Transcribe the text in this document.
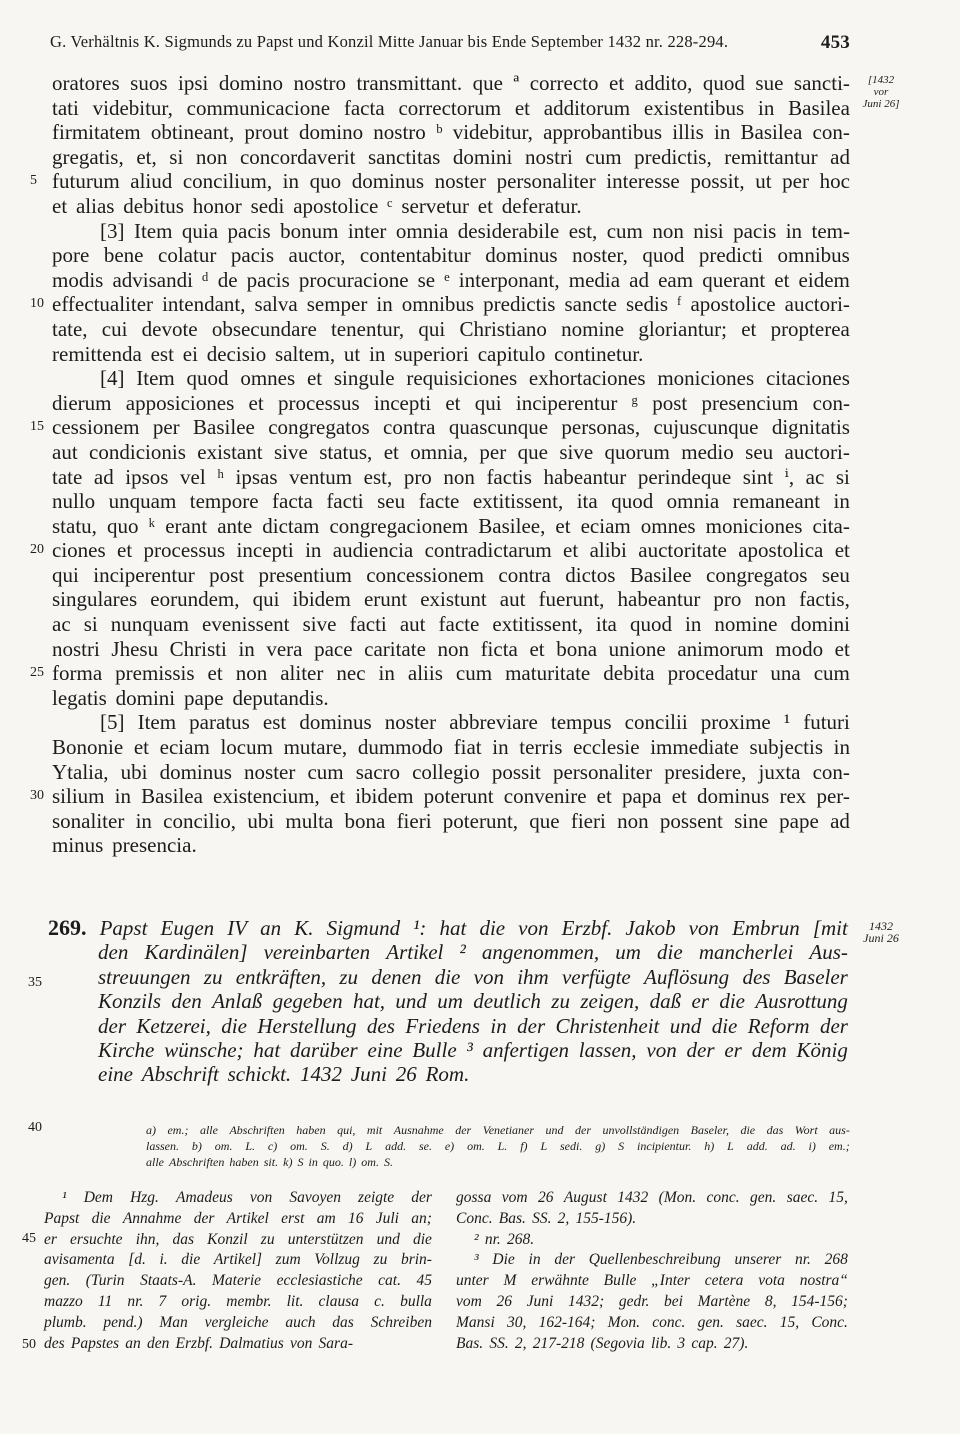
G. Verhältnis K. Sigmunds zu Papst und Konzil Mitte Januar bis Ende September 1432 nr. 228-294.	453
[1432
vor
Juni 26]
oratores suos ipsi domino nostro transmittant. que ª correcto et addito, quod sue sancti-
tati videbitur, communicacione facta correctorum et additorum existentibus in Basilea
firmitatem obtineant, prout domino nostro ᵇ videbitur, approbantibus illis in Basilea con-
gregatis, et, si non concordaverit sanctitas domini nostri cum predictis, remittantur ad
5 futurum aliud concilium, in quo dominus noster personaliter interesse possit, ut per hoc
et alias debitus honor sedi apostolice ᶜ servetur et deferatur.
[3] Item quia pacis bonum inter omnia desiderabile est, cum non nisi pacis in tem-
pore bene colatur pacis auctor, contentabitur dominus noster, quod predicti omnibus
modis advisandi ᵈ de pacis procuracione se ᵉ interponant, media ad eam querant et eidem
10 effectualiter intendant, salva semper in omnibus predictis sancte sedis ᶠ apostolice auctori-
tate, cui devote obsecundare tenentur, qui Christiano nomine gloriantur; et propterea
remittenda est ei decisio saltem, ut in superiori capitulo continetur.
[4] Item quod omnes et singule requisiciones exhortaciones moniciones citaciones
dierum apposiciones et processus incepti et qui inciperentur ᵍ post presencium con-
15 cessionem per Basilee congregatos contra quascunque personas, cujuscunque dignitatis
aut condicionis existant sive status, et omnia, per que sive quorum medio seu auctori-
tate ad ipsos vel ʰ ipsas ventum est, pro non factis habeantur perindeque sint ⁱ, ac si
nullo unquam tempore facta facti seu facte extitissent, ita quod omnia remaneant in
statu, quo ᵏ erant ante dictam congregacionem Basilee, et eciam omnes moniciones cita-
20 ciones et processus incepti in audiencia contradictarum et alibi auctoritate apostolica et
qui inciperentur post presentium concessionem contra dictos Basilee congregatos seu
singulares eorundem, qui ibidem erunt existunt aut fuerunt, habeantur pro non factis,
ac si nunquam evenissent sive facti aut facte extitissent, ita quod in nomine domini
nostri Jhesu Christi in vera pace caritate non ficta et bona unione animorum modo et
25 forma premissis et non aliter nec in aliis cum maturitate debita procedatur una cum
legatis domini pape deputandis.
[5] Item paratus est dominus noster abbreviare tempus concilii proxime ¹ futuri
Bononie et eciam locum mutare, dummodo fiat in terris ecclesie immediate subjectis in
Ytalia, ubi dominus noster cum sacro collegio possit personaliter presidere, juxta con-
30 silium in Basilea existencium, et ibidem poterunt convenire et papa et dominus rex per-
sonaliter in concilio, ubi multa bona fieri poterunt, que fieri non possent sine pape ad
minus presencia.
35
1432
Juni 26
269. Papst Eugen IV an K. Sigmund ¹: hat die von Erzbf. Jakob von Embrun [mit
den Kardinälen] vereinbarten Artikel ² angenommen, um die mancherlei Aus-
streuungen zu entkräften, zu denen die von ihm verfügte Auflösung des Baseler
Konzils den Anlaß gegeben hat, und um deutlich zu zeigen, daß er die Ausrottung
der Ketzerei, die Herstellung des Friedens in der Christenheit und die Reform der
Kirche wünsche; hat darüber eine Bulle ³ anfertigen lassen, von der er dem König
eine Abschrift schickt. 1432 Juni 26 Rom.
40	a) em.; alle Abschriften haben qui, mit Ausnahme der Venetianer und der unvollständigen Baseler, die das Wort aus-
lassen. b) om. L. c) om. S. d) L add. se. e) om. L. f) L sedi. g) S incipientur. h) L add. ad. i) em.;
alle Abschriften haben sit. k) S in quo. l) om. S.
45
50
¹ Dem Hzg. Amadeus von Savoyen zeigte der
Papst die Annahme der Artikel erst am 16 Juli an;
er ersuchte ihn, das Konzil zu unterstützen und die
avisamenta [d. i. die Artikel] zum Vollzug zu brin-
gen. (Turin Staats-A. Materie ecclesiastiche cat. 45
mazzo 11 nr. 7 orig. membr. lit. clausa c. bulla
plumb. pend.) Man vergleiche auch das Schreiben
des Papstes an den Erzbf. Dalmatius von Sara-
gossa vom 26 August 1432 (Mon. conc. gen. saec. 15,
Conc. Bas. SS. 2, 155-156).
² nr. 268.
³ Die in der Quellenbeschreibung unserer nr. 268
unter M erwähnte Bulle „Inter cetera vota nostra“
vom 26 Juni 1432; gedr. bei Martène 8, 154-156;
Mansi 30, 162-164; Mon. conc. gen. saec. 15, Conc.
Bas. SS. 2, 217-218 (Segovia lib. 3 cap. 27).
